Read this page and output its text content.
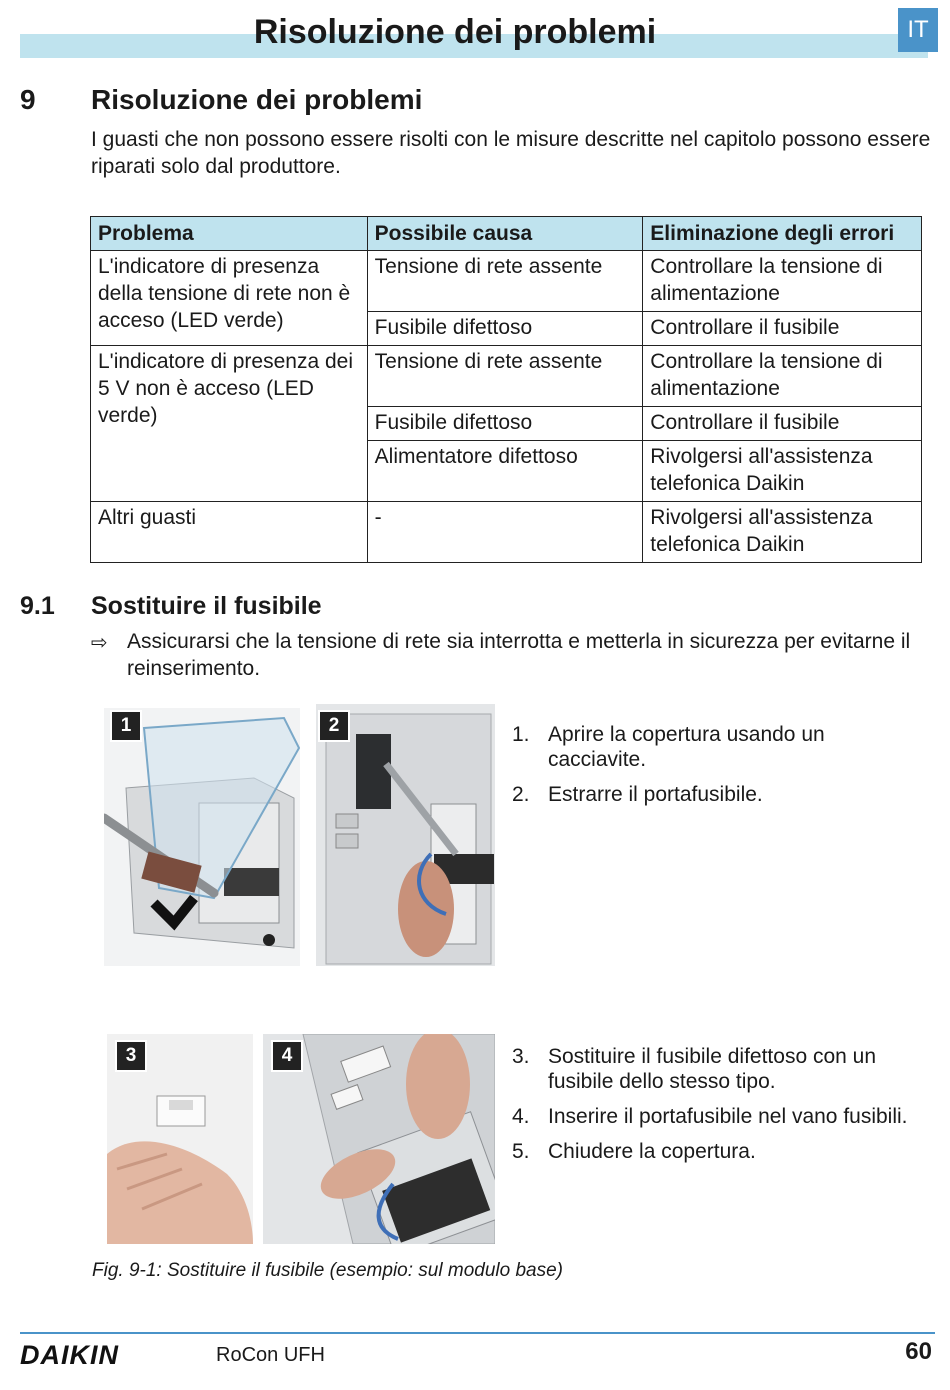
Risoluzione dei problemi	IT
9 Risoluzione dei problemi
I guasti che non possono essere risolti con le misure descritte nel capitolo possono essere riparati solo dal produttore.
Problema	Possibile causa	Eliminazione degli errori
L'indicatore di presenza della tensione di rete non è acceso (LED verde)	Tensione di rete assente	Controllare la tensione di alimentazione
	Fusibile difettoso	Controllare il fusibile
L'indicatore di presenza dei 5 V non è acceso (LED verde)	Tensione di rete assente	Controllare la tensione di alimentazione
	Fusibile difettoso	Controllare il fusibile
	Alimentatore difettoso	Rivolgersi all'assistenza telefonica Daikin
Altri guasti	-	Rivolgersi all'assistenza telefonica Daikin
9.1 Sostituire il fusibile
⇨ Assicurarsi che la tensione di rete sia interrotta e metterla in sicurezza per evitarne il reinserimento.
1	2	1. Aprire la copertura usando un cacciavite.
2. Estrarre il portafusibile.
3	4	3. Sostituire il fusibile difettoso con un fusibile dello stesso tipo.
4. Inserire il portafusibile nel vano fusibili.
5. Chiudere la copertura.
Fig. 9-1: Sostituire il fusibile (esempio: sul modulo base)
DAIKIN	RoCon UFH	60
